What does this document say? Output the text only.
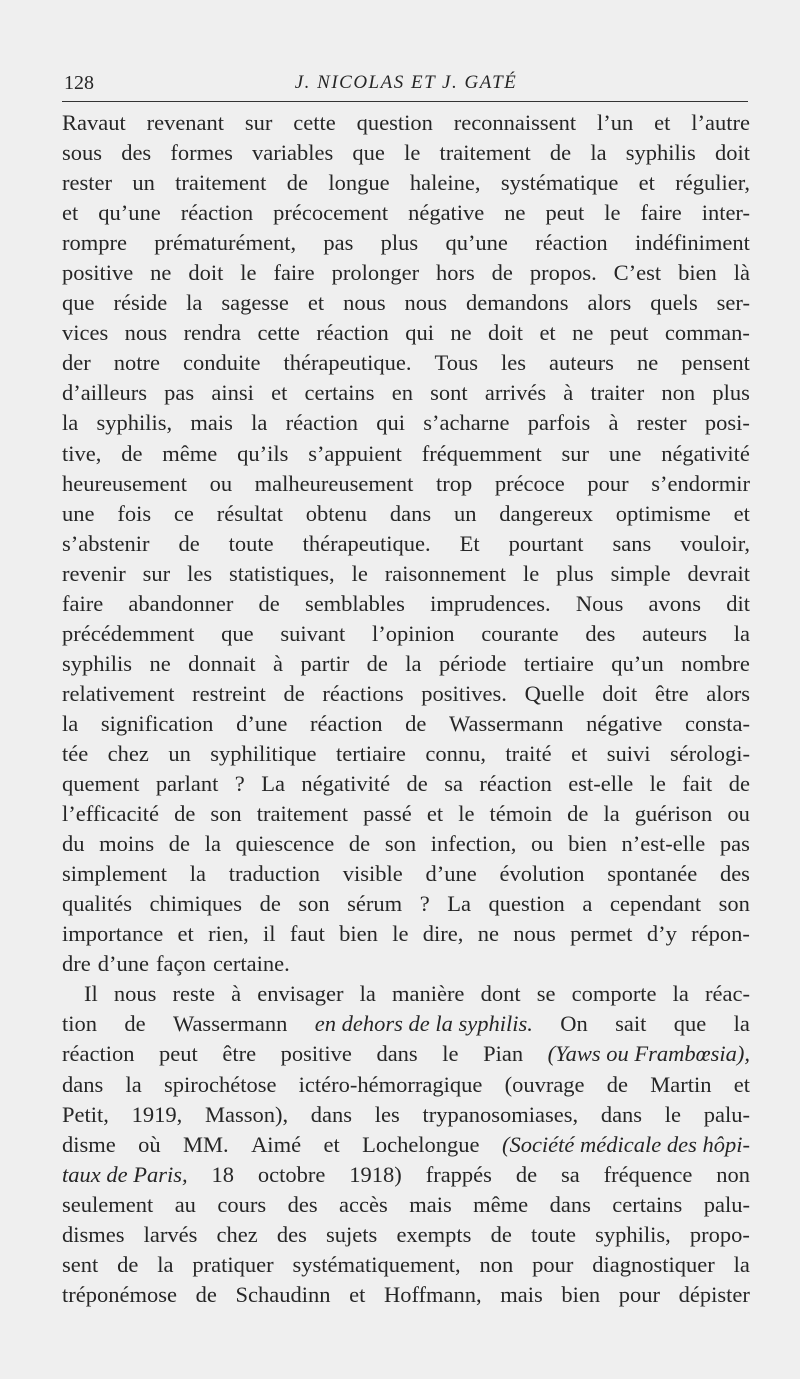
128	J. NICOLAS ET J. GATÉ
Ravaut revenant sur cette question reconnaissent l’un et l’autre
sous des formes variables que le traitement de la syphilis doit
rester un traitement de longue haleine, systématique et régulier,
et qu’une réaction précocement négative ne peut le faire inter-
rompre prématurément, pas plus qu’une réaction indéfiniment
positive ne doit le faire prolonger hors de propos. C’est bien là
que réside la sagesse et nous nous demandons alors quels ser-
vices nous rendra cette réaction qui ne doit et ne peut comman-
der notre conduite thérapeutique. Tous les auteurs ne pensent
d’ailleurs pas ainsi et certains en sont arrivés à traiter non plus
la syphilis, mais la réaction qui s’acharne parfois à rester posi-
tive, de même qu’ils s’appuient fréquemment sur une négativité
heureusement ou malheureusement trop précoce pour s’endormir
une fois ce résultat obtenu dans un dangereux optimisme et
s’abstenir de toute thérapeutique. Et pourtant sans vouloir,
revenir sur les statistiques, le raisonnement le plus simple devrait
faire abandonner de semblables imprudences. Nous avons dit
précédemment que suivant l’opinion courante des auteurs la
syphilis ne donnait à partir de la période tertiaire qu’un nombre
relativement restreint de réactions positives. Quelle doit être alors
la signification d’une réaction de Wassermann négative consta-
tée chez un syphilitique tertiaire connu, traité et suivi sérologi-
quement parlant ? La négativité de sa réaction est-elle le fait de
l’efficacité de son traitement passé et le témoin de la guérison ou
du moins de la quiescence de son infection, ou bien n’est-elle pas
simplement la traduction visible d’une évolution spontanée des
qualités chimiques de son sérum ? La question a cependant son
importance et rien, il faut bien le dire, ne nous permet d’y répon-
dre d’une façon certaine.
Il nous reste à envisager la manière dont se comporte la réac-
tion de Wassermann en dehors de la syphilis. On sait que la
réaction peut être positive dans le Pian (Yaws ou Frambœsia),
dans la spirochétose ictéro-hémorragique (ouvrage de Martin et
Petit, 1919, Masson), dans les trypanosomiases, dans le palu-
disme où MM. Aimé et Lochelongue (Société médicale des hôpi-
taux de Paris, 18 octobre 1918) frappés de sa fréquence non
seulement au cours des accès mais même dans certains palu-
dismes larvés chez des sujets exempts de toute syphilis, propo-
sent de la pratiquer systématiquement, non pour diagnostiquer la
tréponémose de Schaudinn et Hoffmann, mais bien pour dépister
